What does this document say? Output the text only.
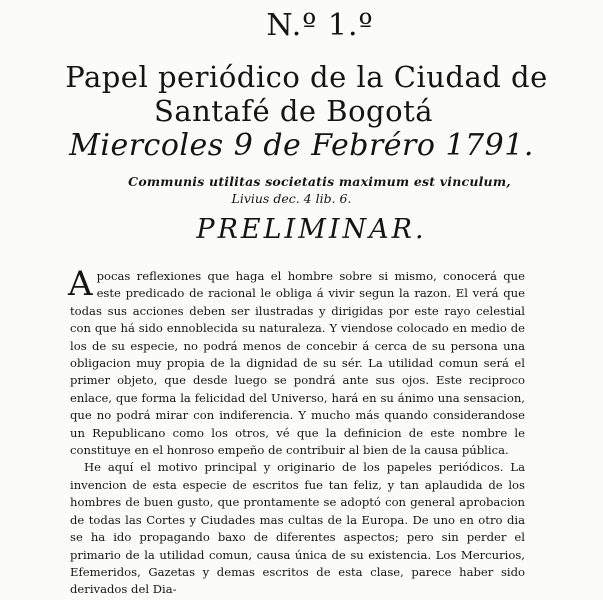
N.º 1.º
Papel periódico de la Ciudad de
Santafé de Bogotá
Miercoles 9 de Febréro 1791.
Communis utilitas societatis maximum est vinculum,
Livius dec. 4 lib. 6.
PRELIMINAR.

Apocas reflexiones que haga el hombre sobre si mismo, conocerá que este predicado de racional le obliga á vivir segun la razon. El verá que todas sus acciones deben ser ilustradas y dirigidas por este rayo celestial con que há sido ennoblecida su naturaleza. Y viendose colocado en medio de los de su especie, no podrá menos de concebir á cerca de su persona una obligacion muy propia de la dignidad de su sér. La utilidad comun será el primer objeto, que desde luego se pondrá ante sus ojos. Este reciproco enlace, que forma la felicidad del Universo, hará en su ánimo una sensacion, que no podrá mirar con indiferencia. Y mucho más quando considerandose un Republicano como los otros, vé que la definicion de este nombre le constituye en el honroso empeño de contribuir al bien de la causa pública.

He aquí el motivo principal y originario de los papeles periódicos. La invencion de esta especie de escritos fue tan feliz, y tan aplaudida de los hombres de buen gusto, que prontamente se adoptó con general aprobacion de todas las Cortes y Ciudades mas cultas de la Europa. De uno en otro dia se ha ido propagando baxo de diferentes aspectos; pero sin perder el primario de la utilidad comun, causa única de su existencia. Los Mercurios, Efemeridos, Gazetas y demas escritos de esta clase, parece haber sido derivados del Dia-
